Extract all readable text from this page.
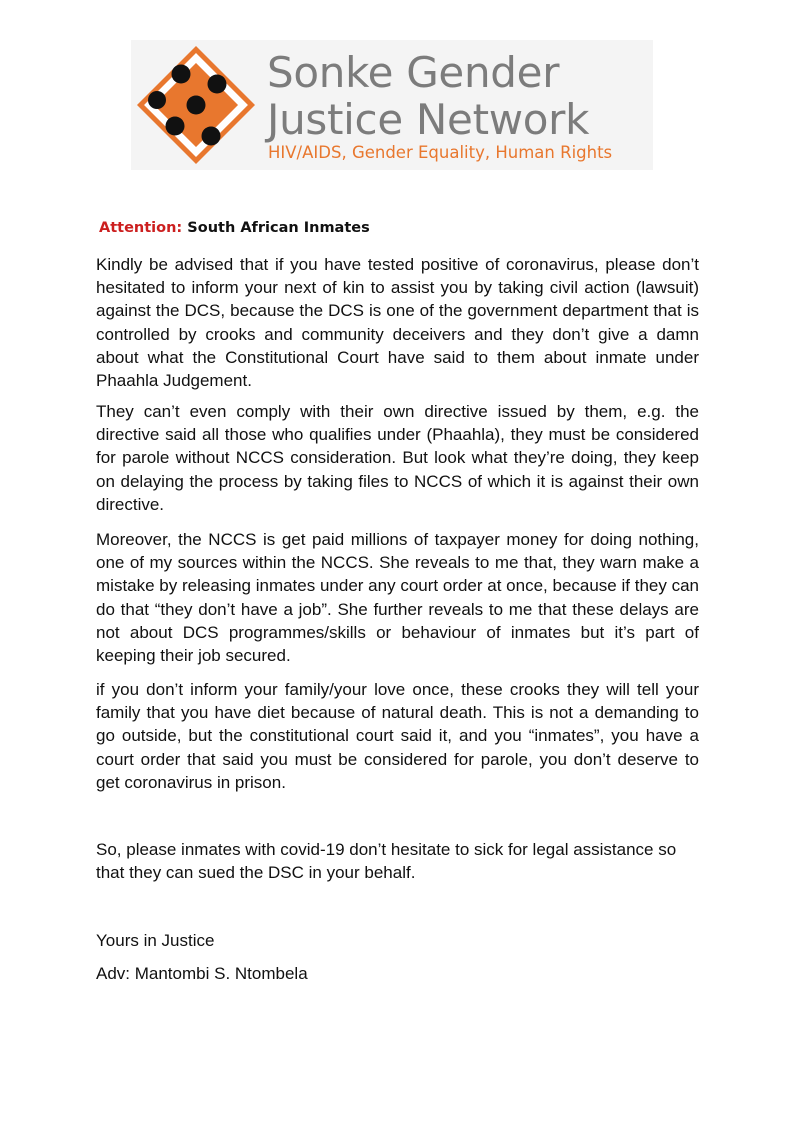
Sonke Gender
Justice Network
HIV/AIDS, Gender Equality, Human Rights
Attention: South African Inmates

Kindly be advised that if you have tested positive of coronavirus, please don’t hesitated to inform your next of kin to assist you by taking civil action (lawsuit) against the DCS, because the DCS is one of the government department that is controlled by crooks and community deceivers and they don’t give a damn about what the Constitutional Court have said to them about inmate under Phaahla Judgement.

They can’t even comply with their own directive issued by them, e.g. the directive said all those who qualifies under (Phaahla), they must be considered for parole without NCCS consideration. But look what they’re doing, they keep on delaying the process by taking files to NCCS of which it is against their own directive.

Moreover, the NCCS is get paid millions of taxpayer money for doing nothing, one of my sources within the NCCS. She reveals to me that, they warn make a mistake by releasing inmates under any court order at once, because if they can do that “they don’t have a job”. She further reveals to me that these delays are not about DCS programmes/skills or behaviour of inmates but it’s part of keeping their job secured.

if you don’t inform your family/your love once, these crooks they will tell your family that you have diet because of natural death. This is not a demanding to go outside, but the constitutional court said it, and you “inmates”, you have a court order that said you must be considered for parole, you don’t deserve to get coronavirus in prison.

So, please inmates with covid-19 don’t hesitate to sick for legal assistance so that they can sued the DSC in your behalf.

Yours in Justice
Adv: Mantombi S. Ntombela
